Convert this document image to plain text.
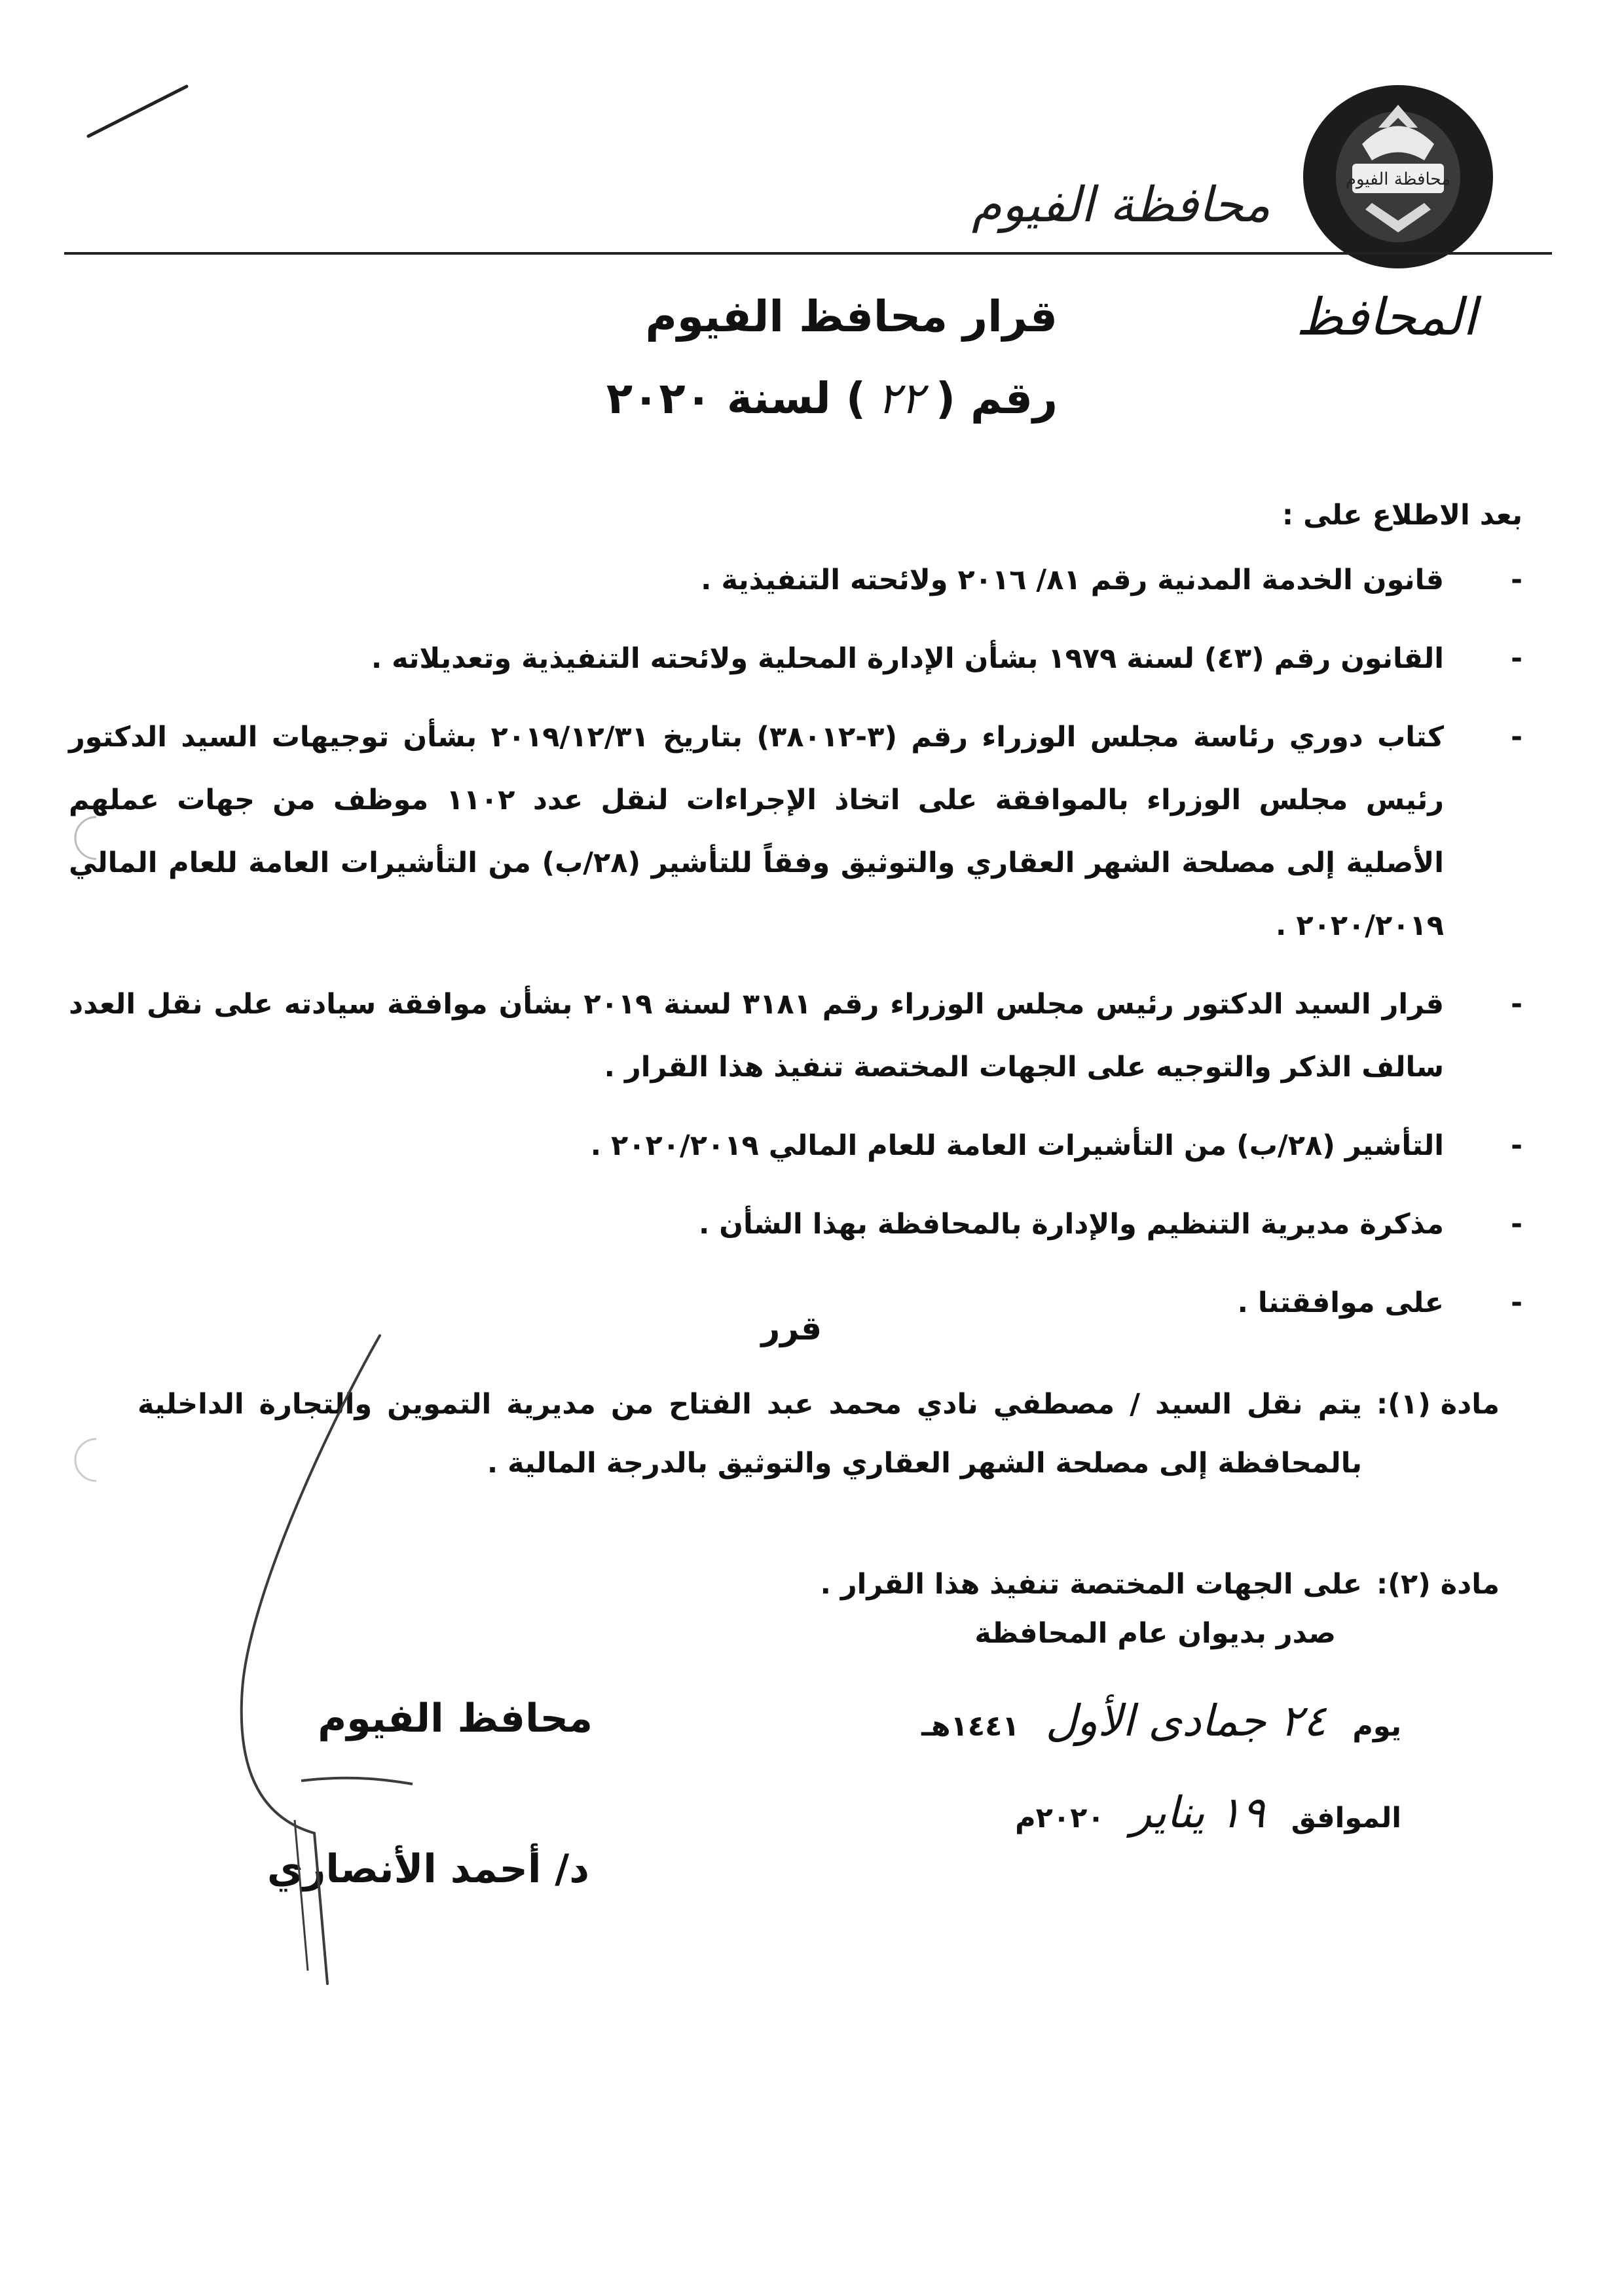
محافظة الفيوم
محافظة الفيوم
المحافظ
قرار محافظ الفيوم
رقم (٢٢) لسنة ٢٠٢٠
بعد الاطلاع على :
-
قانون الخدمة المدنية رقم ٨١/ ٢٠١٦ ولائحته التنفيذية .
-
القانون رقم (٤٣) لسنة ١٩٧٩ بشأن الإدارة المحلية ولائحته التنفيذية وتعديلاته .
-
كتاب دوري رئاسة مجلس الوزراء رقم (٣-٣٨٠١٢) بتاريخ ٢٠١٩/١٢/٣١ بشأن توجيهات السيد الدكتور رئيس مجلس الوزراء بالموافقة على اتخاذ الإجراءات لنقل عدد ١١٠٢ موظف من جهات عملهم الأصلية إلى مصلحة الشهر العقاري والتوثيق وفقاً للتأشير (٢٨/ب) من التأشيرات العامة للعام المالي ٢٠٢٠/٢٠١٩ .
-
قرار السيد الدكتور رئيس مجلس الوزراء رقم ٣١٨١ لسنة ٢٠١٩ بشأن موافقة سيادته على نقل العدد سالف الذكر والتوجيه على الجهات المختصة تنفيذ هذا القرار .
-
التأشير (٢٨/ب) من التأشيرات العامة للعام المالي ٢٠٢٠/٢٠١٩ .
-
مذكرة مديرية التنظيم والإدارة بالمحافظة بهذا الشأن .
-
على موافقتنا .
قرر
مادة (١):
يتم نقل السيد / مصطفي نادي محمد عبد الفتاح من مديرية التموين والتجارة الداخلية بالمحافظة إلى مصلحة الشهر العقاري والتوثيق بالدرجة المالية .
مادة (٢):
على الجهات المختصة تنفيذ هذا القرار .
صدر بديوان عام المحافظة
يوم٢٤ جمادى الأول١٤٤١هـ
الموافق١٩ يناير٢٠٢٠م
محافظ الفيوم
د/ أحمد الأنصاري
